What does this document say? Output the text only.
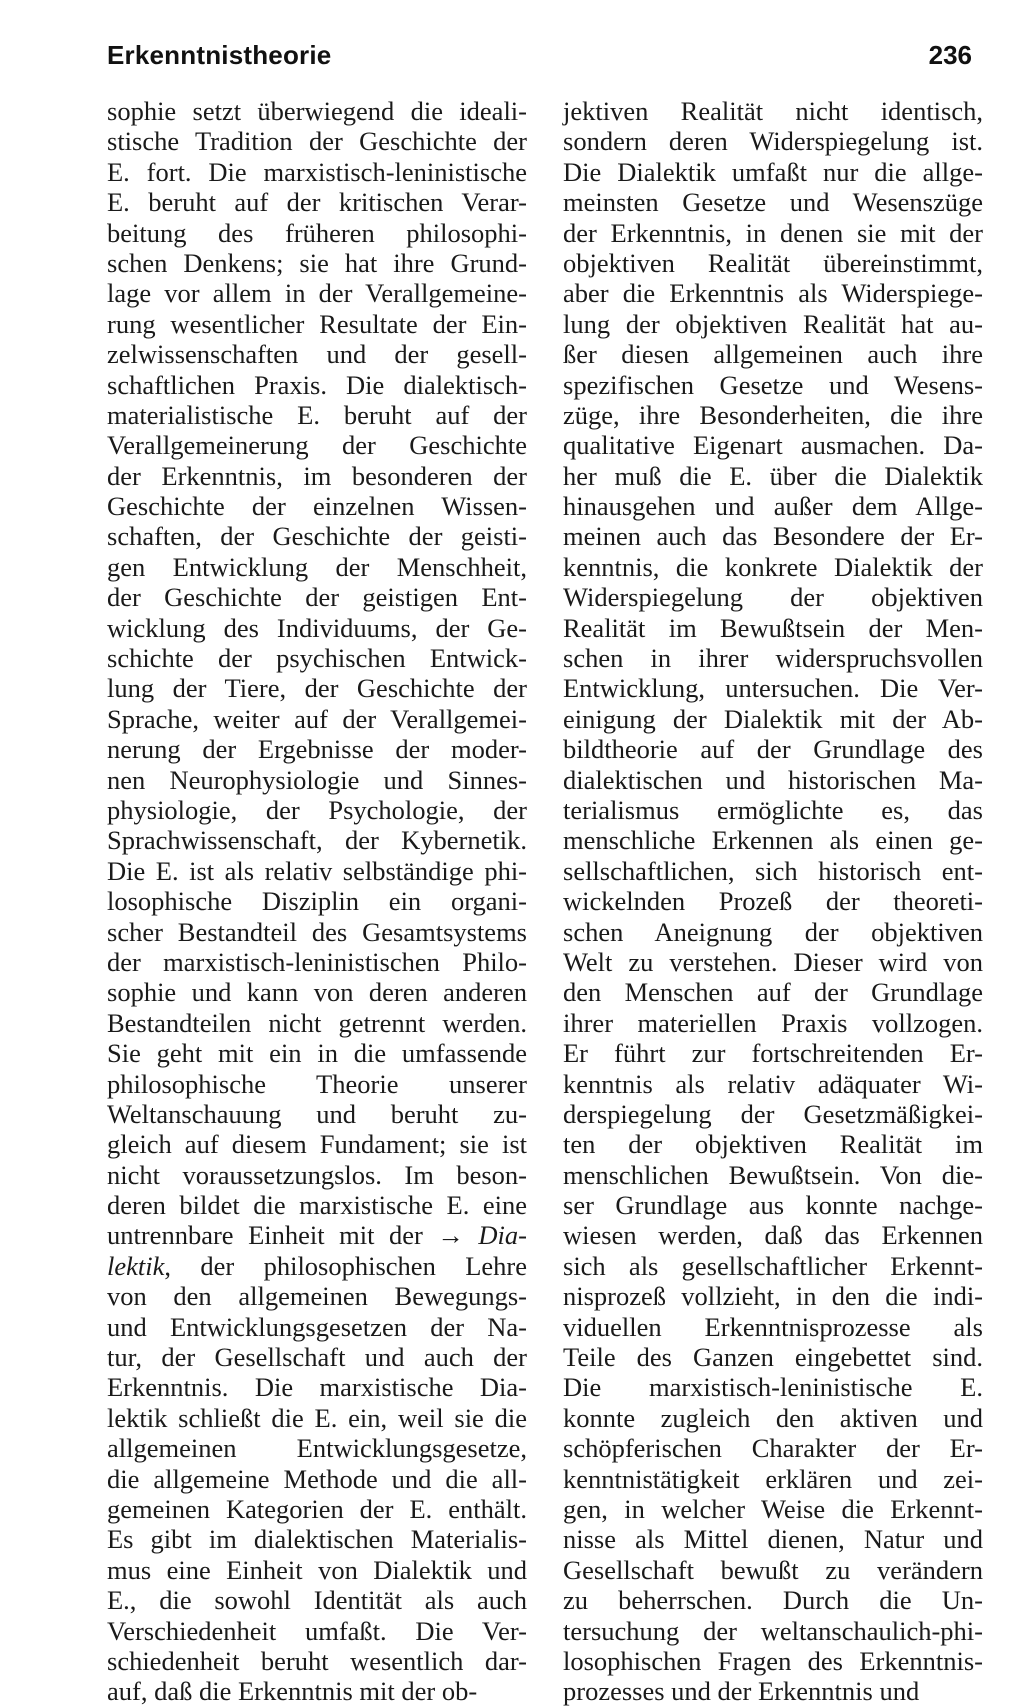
Erkenntnistheorie	236
sophie setzt überwiegend die ideali-
stische Tradition der Geschichte der
E. fort. Die marxistisch-leninistische
E. beruht auf der kritischen Verar-
beitung des früheren philosophi-
schen Denkens; sie hat ihre Grund-
lage vor allem in der Verallgemeine-
rung wesentlicher Resultate der Ein-
zelwissenschaften und der gesell-
schaftlichen Praxis. Die dialektisch-
materialistische E. beruht auf der
Verallgemeinerung der Geschichte
der Erkenntnis, im besonderen der
Geschichte der einzelnen Wissen-
schaften, der Geschichte der geisti-
gen Entwicklung der Menschheit,
der Geschichte der geistigen Ent-
wicklung des Individuums, der Ge-
schichte der psychischen Entwick-
lung der Tiere, der Geschichte der
Sprache, weiter auf der Verallgemei-
nerung der Ergebnisse der moder-
nen Neurophysiologie und Sinnes-
physiologie, der Psychologie, der
Sprachwissenschaft, der Kybernetik.
Die E. ist als relativ selbständige phi-
losophische Disziplin ein organi-
scher Bestandteil des Gesamtsystems
der marxistisch-leninistischen Philo-
sophie und kann von deren anderen
Bestandteilen nicht getrennt werden.
Sie geht mit ein in die umfassende
philosophische Theorie unserer
Weltanschauung und beruht zu-
gleich auf diesem Fundament; sie ist
nicht voraussetzungslos. Im beson-
deren bildet die marxistische E. eine
untrennbare Einheit mit der → Dia-
lektik, der philosophischen Lehre
von den allgemeinen Bewegungs-
und Entwicklungsgesetzen der Na-
tur, der Gesellschaft und auch der
Erkenntnis. Die marxistische Dia-
lektik schließt die E. ein, weil sie die
allgemeinen Entwicklungsgesetze,
die allgemeine Methode und die all-
gemeinen Kategorien der E. enthält.
Es gibt im dialektischen Materialis-
mus eine Einheit von Dialektik und
E., die sowohl Identität als auch
Verschiedenheit umfaßt. Die Ver-
schiedenheit beruht wesentlich dar-
auf, daß die Erkenntnis mit der ob-
jektiven Realität nicht identisch,
sondern deren Widerspiegelung ist.
Die Dialektik umfaßt nur die allge-
meinsten Gesetze und Wesenszüge
der Erkenntnis, in denen sie mit der
objektiven Realität übereinstimmt,
aber die Erkenntnis als Widerspiege-
lung der objektiven Realität hat au-
ßer diesen allgemeinen auch ihre
spezifischen Gesetze und Wesens-
züge, ihre Besonderheiten, die ihre
qualitative Eigenart ausmachen. Da-
her muß die E. über die Dialektik
hinausgehen und außer dem Allge-
meinen auch das Besondere der Er-
kenntnis, die konkrete Dialektik der
Widerspiegelung der objektiven
Realität im Bewußtsein der Men-
schen in ihrer widerspruchsvollen
Entwicklung, untersuchen. Die Ver-
einigung der Dialektik mit der Ab-
bildtheorie auf der Grundlage des
dialektischen und historischen Ma-
terialismus ermöglichte es, das
menschliche Erkennen als einen ge-
sellschaftlichen, sich historisch ent-
wickelnden Prozeß der theoreti-
schen Aneignung der objektiven
Welt zu verstehen. Dieser wird von
den Menschen auf der Grundlage
ihrer materiellen Praxis vollzogen.
Er führt zur fortschreitenden Er-
kenntnis als relativ adäquater Wi-
derspiegelung der Gesetzmäßigkei-
ten der objektiven Realität im
menschlichen Bewußtsein. Von die-
ser Grundlage aus konnte nachge-
wiesen werden, daß das Erkennen
sich als gesellschaftlicher Erkennt-
nisprozeß vollzieht, in den die indi-
viduellen Erkenntnisprozesse als
Teile des Ganzen eingebettet sind.
Die marxistisch-leninistische E.
konnte zugleich den aktiven und
schöpferischen Charakter der Er-
kenntnistätigkeit erklären und zei-
gen, in welcher Weise die Erkennt-
nisse als Mittel dienen, Natur und
Gesellschaft bewußt zu verändern
zu beherrschen. Durch die Un-
tersuchung der weltanschaulich-phi-
losophischen Fragen des Erkenntnis-
prozesses und der Erkenntnis und
